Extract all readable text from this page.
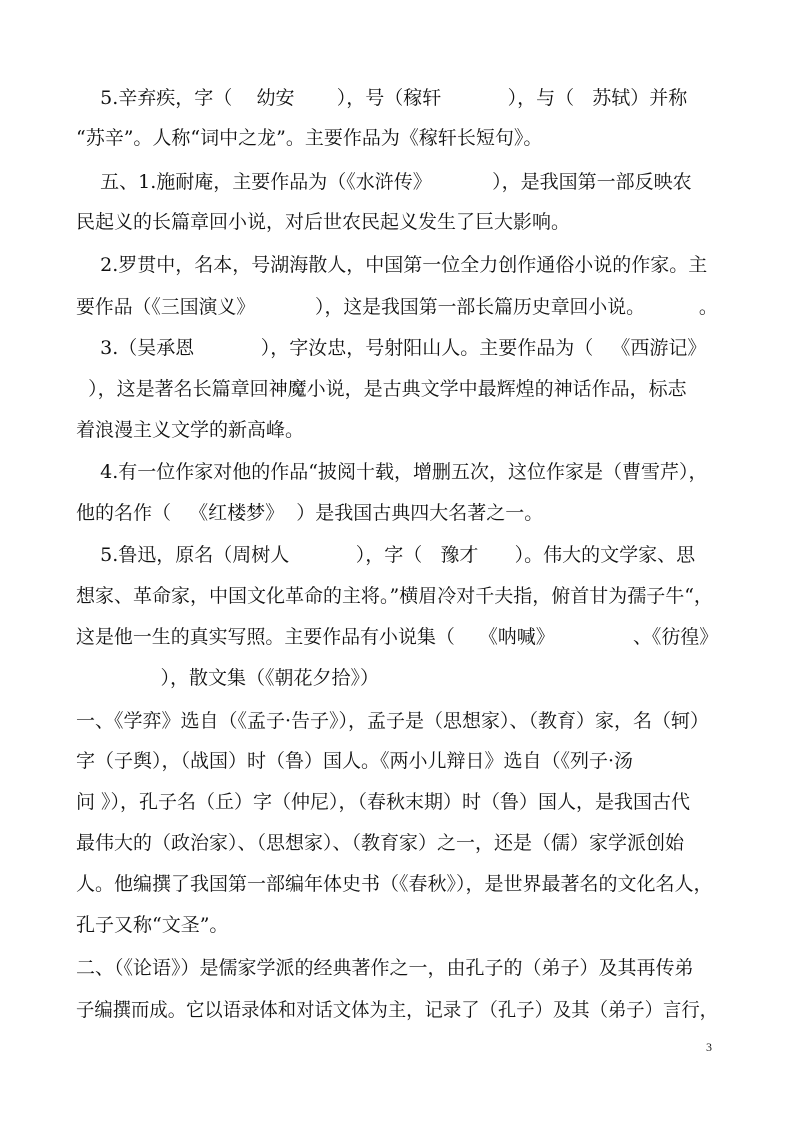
5.辛弃疾，字（    幼安       ），号（稼轩           ），与（   苏轼）并称

“苏辛”。人称“词中之龙”。主要作品为《稼轩长短句》。

五、1.施耐庵，主要作品为（《水浒传》          ），是我国第一部反映农

民起义的长篇章回小说，对后世农民起义发生了巨大影响。

2.罗贯中，名本，号湖海散人，中国第一位全力创作通俗小说的作家。主

要作品（《三国演义》          ），这是我国第一部长篇历史章回小说。         。

3.（吴承恩           ），字汝忠，号射阳山人。主要作品为（   《西游记》

），这是著名长篇章回神魔小说，是古典文学中最辉煌的神话作品，标志

着浪漫主义文学的新高峰。

4.有一位作家对他的作品“披阅十载，增删五次，这位作家是（曹雪芹），

他的名作（   《红楼梦》  ）是我国古典四大名著之一。

5.鲁迅，原名（周树人           ），字（   豫才      ）。伟大的文学家、思

想家、革命家，中国文化革命的主将。”横眉冷对千夫指，俯首甘为孺子牛“，

这是他一生的真实写照。主要作品有小说集（    《呐喊》             、《彷徨》

），散文集（《朝花夕拾》）

一、《学弈》选自（《孟子·告子》），孟子是（思想家）、（教育）家，名（轲）

字（子舆），（战国）时（鲁）国人。《两小儿辩日》选自（《列子·汤

问 》），孔子名（丘）字（仲尼），（春秋末期）时（鲁）国人，是我国古代

最伟大的（政治家）、（思想家）、（教育家）之一，还是（儒）家学派创始

人。他编撰了我国第一部编年体史书（《春秋》），是世界最著名的文化名人，

孔子又称“文圣”。

二、（《论语》）是儒家学派的经典著作之一，由孔子的（弟子）及其再传弟

子编撰而成。它以语录体和对话文体为主，记录了（孔子）及其（弟子）言行，

3
